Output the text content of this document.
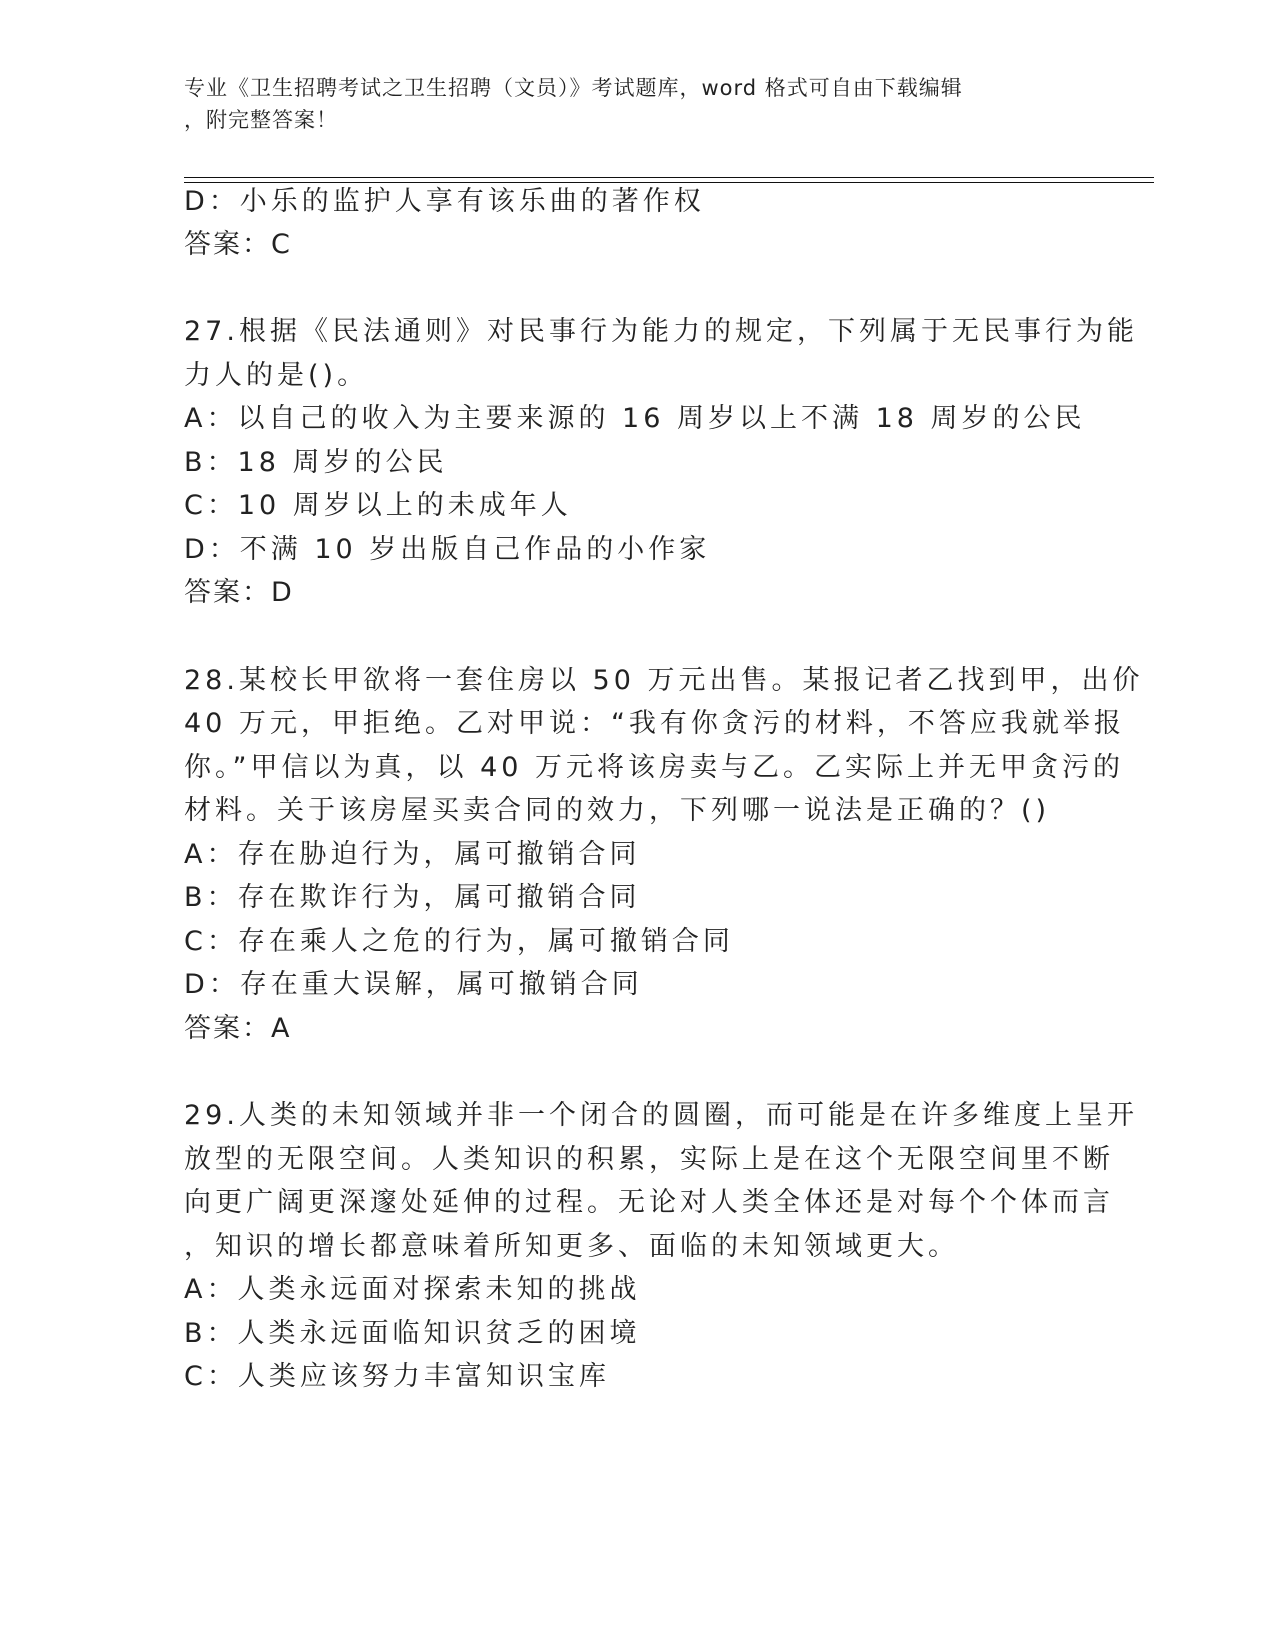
专业《卫生招聘考试之卫生招聘（文员）》考试题库，word 格式可自由下载编辑
，附完整答案！
D：小乐的监护人享有该乐曲的著作权
答案：C
27.根据《民法通则》对民事行为能力的规定，下列属于无民事行为能
力人的是()。
A：以自己的收入为主要来源的 16 周岁以上不满 18 周岁的公民
B：18 周岁的公民
C：10 周岁以上的未成年人
D：不满 10 岁出版自己作品的小作家
答案：D
28.某校长甲欲将一套住房以 50 万元出售。某报记者乙找到甲，出价
40 万元，甲拒绝。乙对甲说：“我有你贪污的材料，不答应我就举报
你。”甲信以为真，以 40 万元将该房卖与乙。乙实际上并无甲贪污的
材料。关于该房屋买卖合同的效力，下列哪一说法是正确的？()
A：存在胁迫行为，属可撤销合同
B：存在欺诈行为，属可撤销合同
C：存在乘人之危的行为，属可撤销合同
D：存在重大误解，属可撤销合同
答案：A
29.人类的未知领域并非一个闭合的圆圈，而可能是在许多维度上呈开
放型的无限空间。人类知识的积累，实际上是在这个无限空间里不断
向更广阔更深邃处延伸的过程。无论对人类全体还是对每个个体而言
，知识的增长都意味着所知更多、面临的未知领域更大。
A：人类永远面对探索未知的挑战
B：人类永远面临知识贫乏的困境
C：人类应该努力丰富知识宝库
